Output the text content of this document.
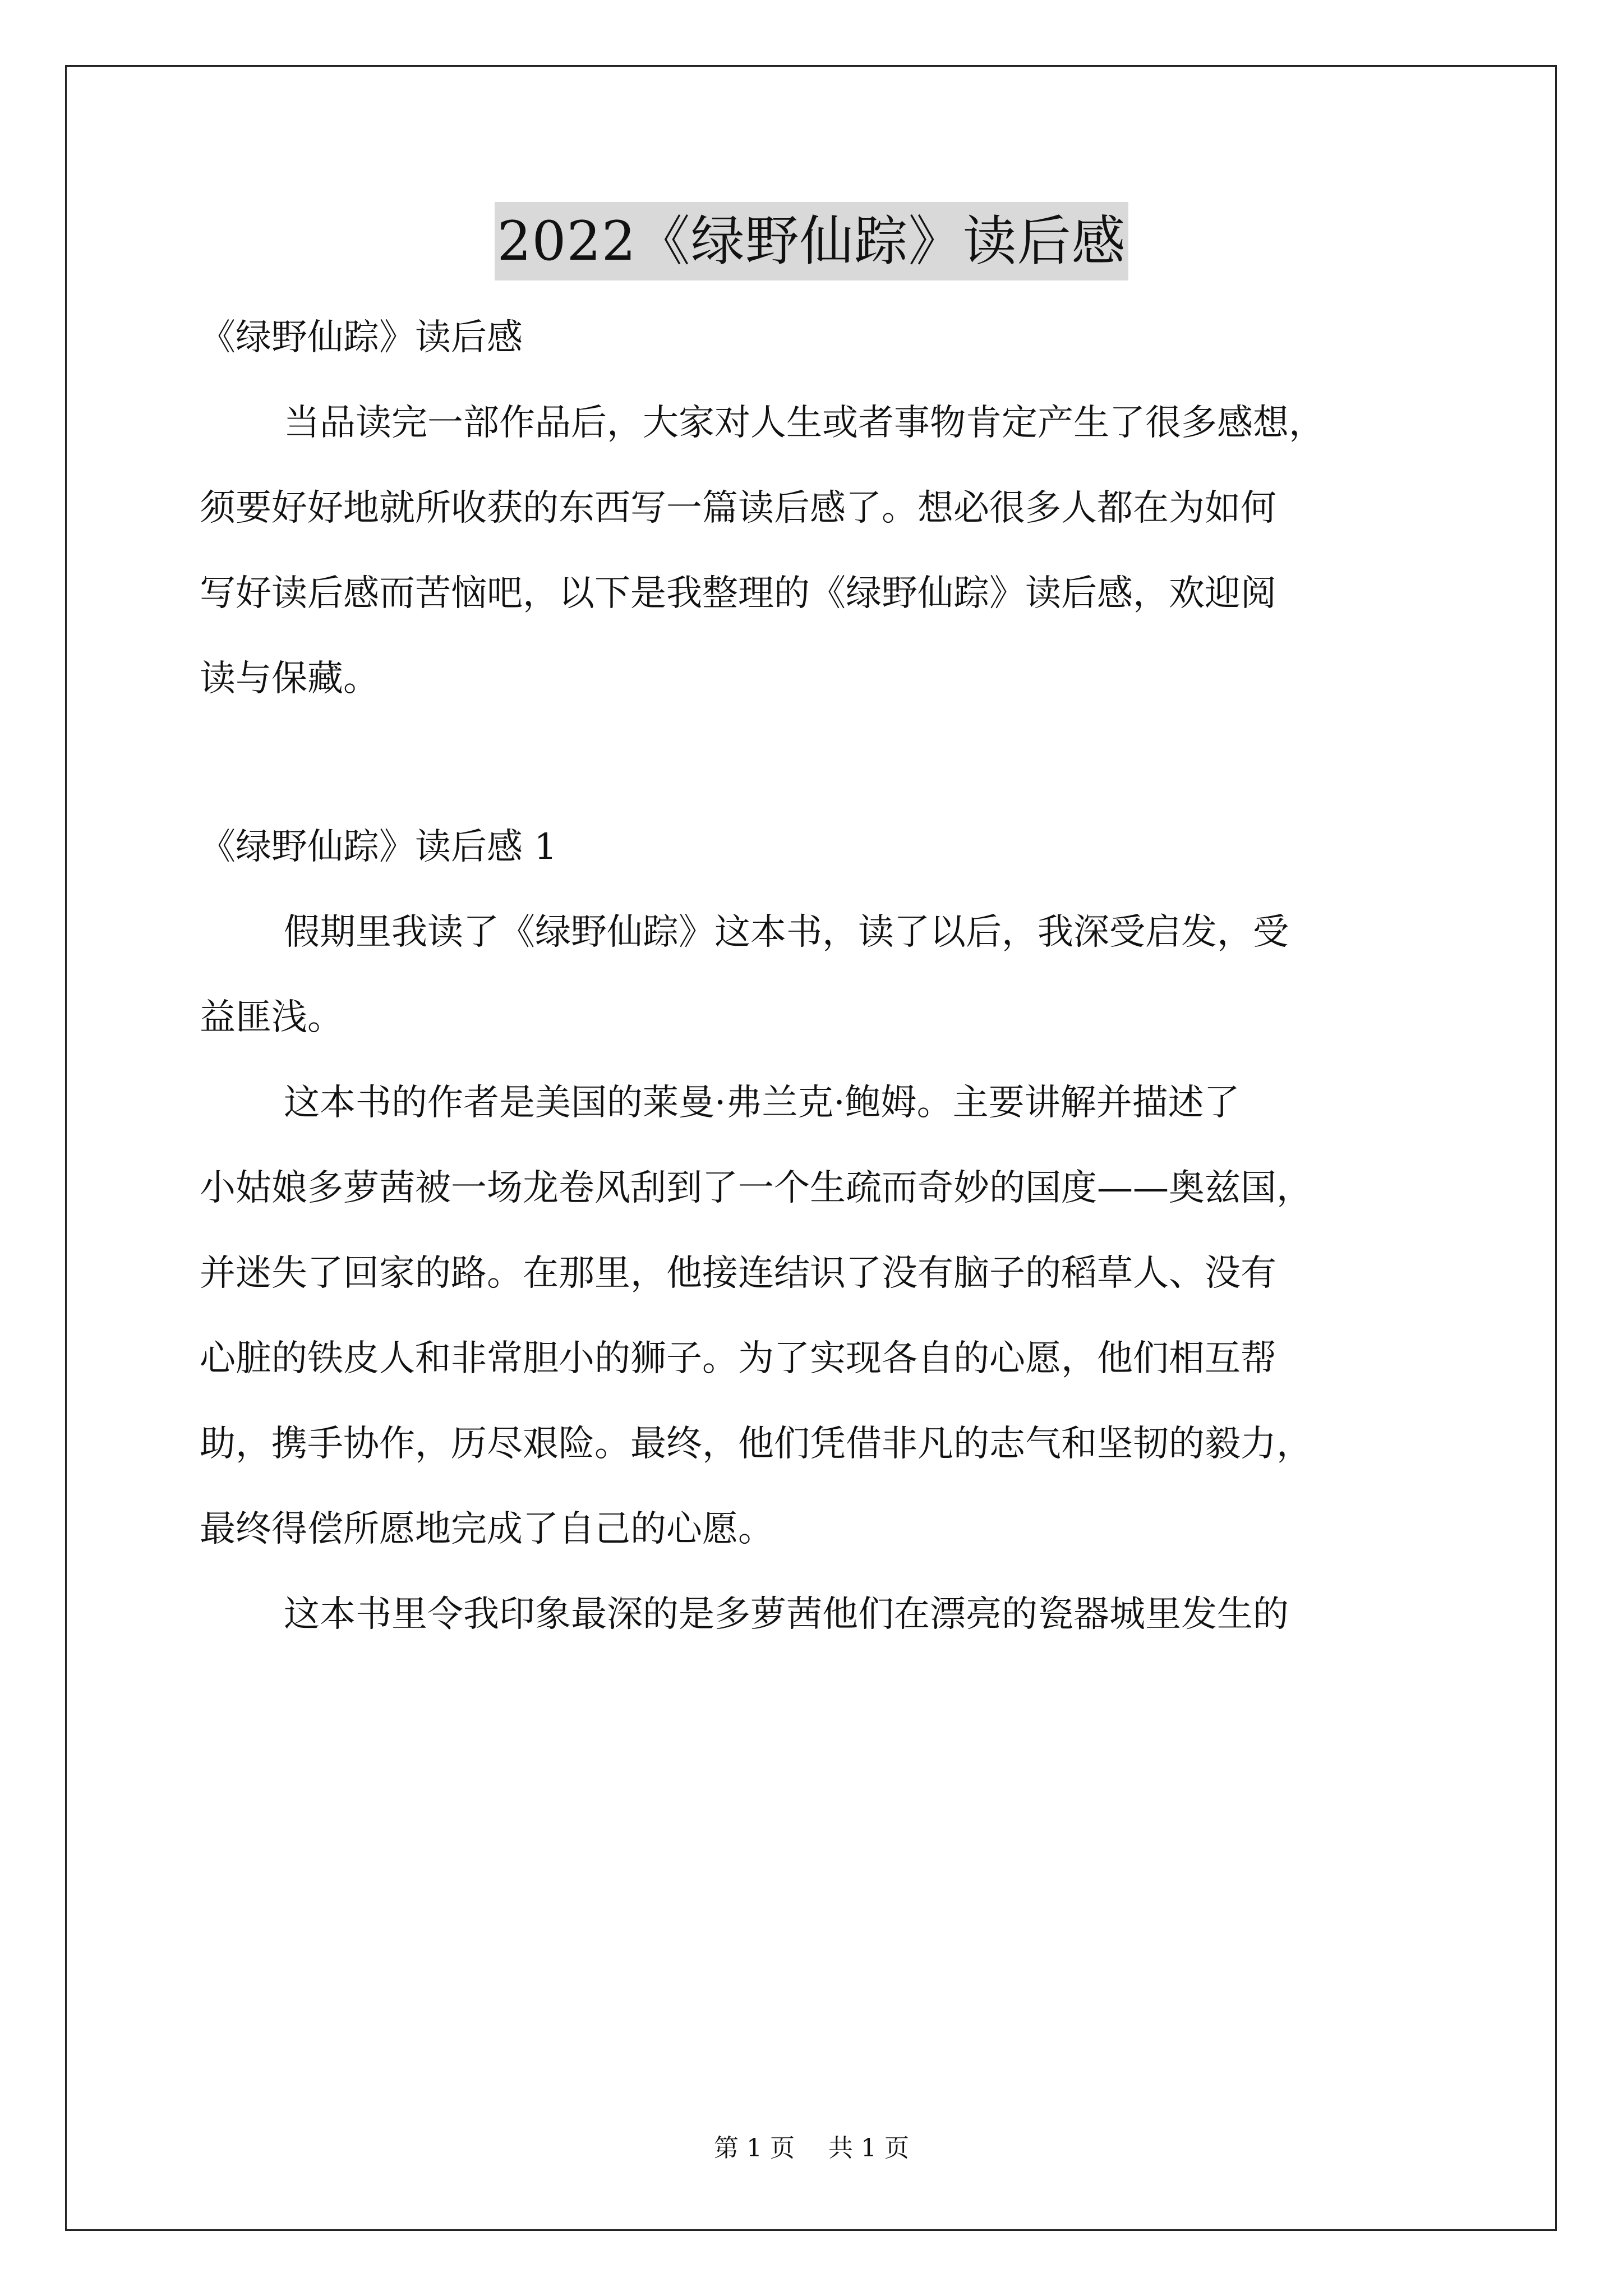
2022《绿野仙踪》读后感
《绿野仙踪》读后感
当品读完一部作品后，大家对人生或者事物肯定产生了很多感想，
须要好好地就所收获的东西写一篇读后感了。想必很多人都在为如何
写好读后感而苦恼吧，以下是我整理的《绿野仙踪》读后感，欢迎阅
读与保藏。
《绿野仙踪》读后感 1
假期里我读了《绿野仙踪》这本书，读了以后，我深受启发，受
益匪浅。
这本书的作者是美国的莱曼·弗兰克·鲍姆。主要讲解并描述了
小姑娘多萝茜被一场龙卷风刮到了一个生疏而奇妙的国度——奥兹国，
并迷失了回家的路。在那里，他接连结识了没有脑子的稻草人、没有
心脏的铁皮人和非常胆小的狮子。为了实现各自的心愿，他们相互帮
助，携手协作，历尽艰险。最终，他们凭借非凡的志气和坚韧的毅力，
最终得偿所愿地完成了自己的心愿。
这本书里令我印象最深的是多萝茜他们在漂亮的瓷器城里发生的
第 1 页 共 1 页
